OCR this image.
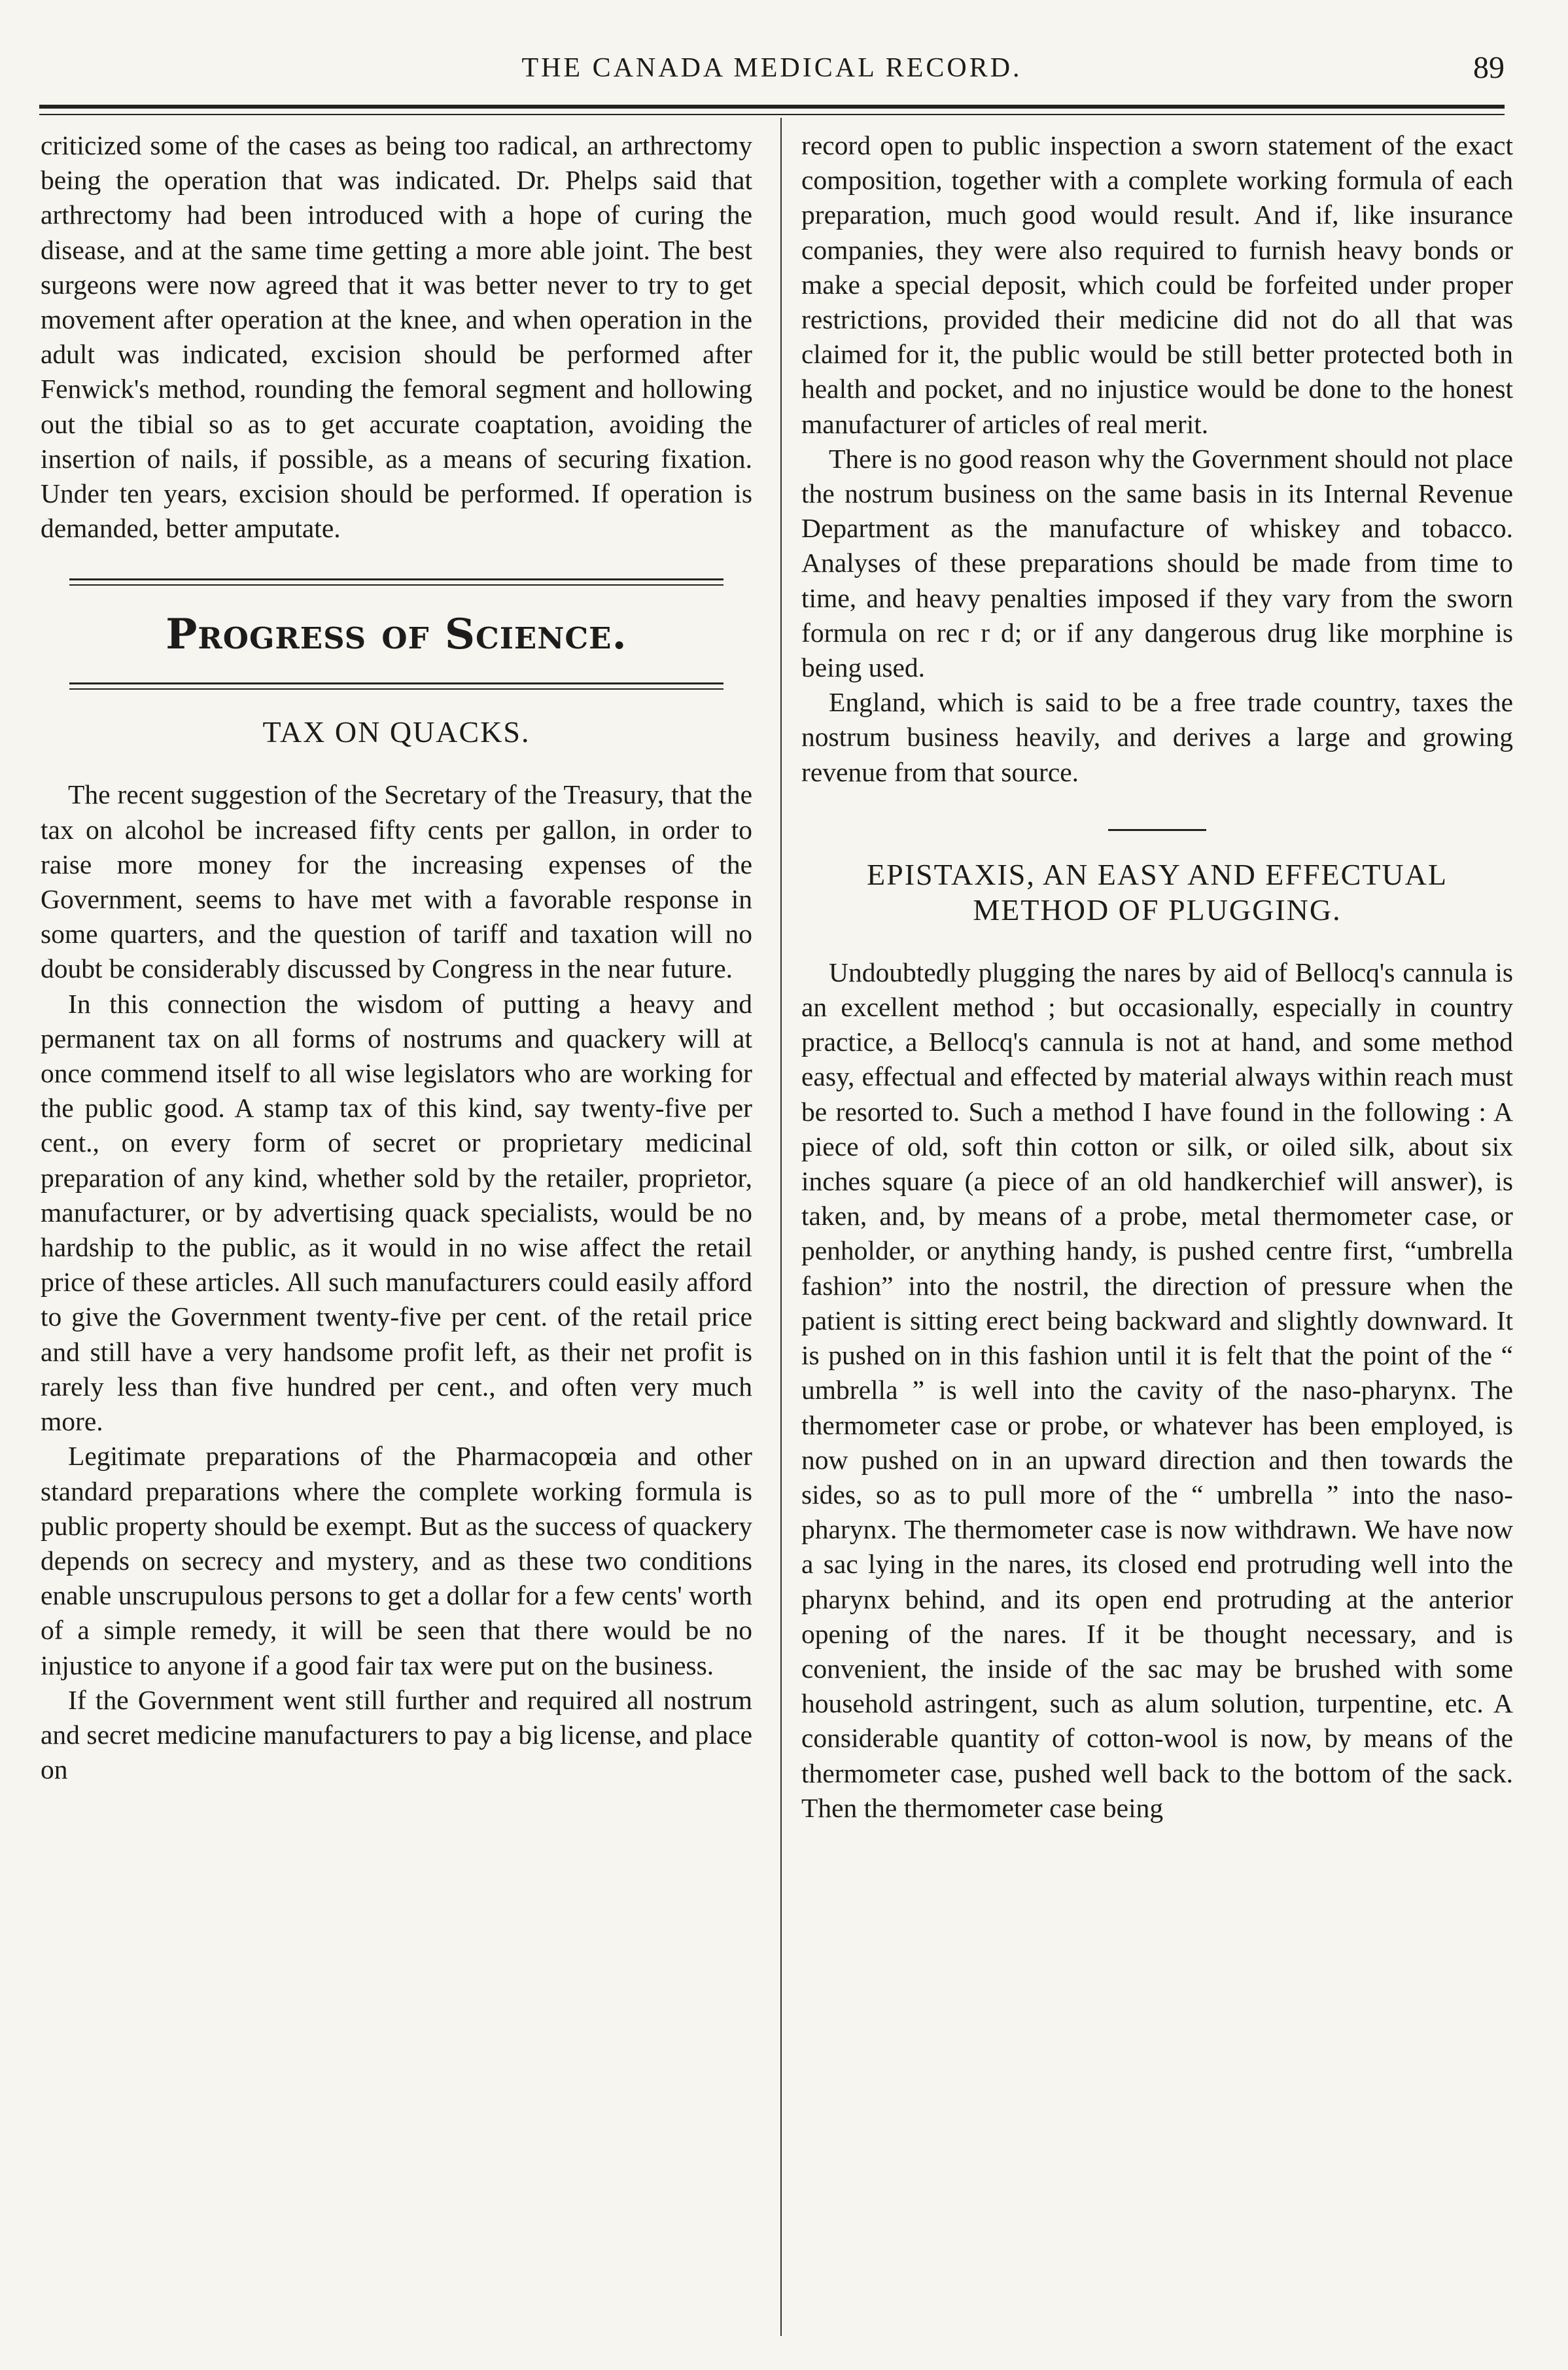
THE CANADA MEDICAL RECORD.	89

criticized some of the cases as being too radical, an arthrectomy being the operation that was indicated. Dr. Phelps said that arthrectomy had been introduced with a hope of curing the disease, and at the same time getting a more able joint. The best surgeons were now agreed that it was better never to try to get movement after operation at the knee, and when operation in the adult was indicated, excision should be performed after Fenwick's method, rounding the femoral segment and hollowing out the tibial so as to get accurate coaptation, avoiding the insertion of nails, if possible, as a means of securing fixation. Under ten years, excision should be performed. If operation is demanded, better amputate.

Progress of Science.
TAX ON QUACKS.

The recent suggestion of the Secretary of the Treasury, that the tax on alcohol be increased fifty cents per gallon, in order to raise more money for the increasing expenses of the Government, seems to have met with a favorable response in some quarters, and the question of tariff and taxation will no doubt be considerably discussed by Congress in the near future.

In this connection the wisdom of putting a heavy and permanent tax on all forms of nostrums and quackery will at once commend itself to all wise legislators who are working for the public good. A stamp tax of this kind, say twenty-five per cent., on every form of secret or proprietary medicinal preparation of any kind, whether sold by the retailer, proprietor, manufacturer, or by advertising quack specialists, would be no hardship to the public, as it would in no wise affect the retail price of these articles. All such manufacturers could easily afford to give the Government twenty-five per cent. of the retail price and still have a very handsome profit left, as their net profit is rarely less than five hundred per cent., and often very much more.

Legitimate preparations of the Pharmacopœia and other standard preparations where the complete working formula is public property should be exempt. But as the success of quackery depends on secrecy and mystery, and as these two conditions enable unscrupulous persons to get a dollar for a few cents' worth of a simple remedy, it will be seen that there would be no injustice to anyone if a good fair tax were put on the business.

If the Government went still further and required all nostrum and secret medicine manufacturers to pay a big license, and place on

record open to public inspection a sworn statement of the exact composition, together with a complete working formula of each preparation, much good would result. And if, like insurance companies, they were also required to furnish heavy bonds or make a special deposit, which could be forfeited under proper restrictions, provided their medicine did not do all that was claimed for it, the public would be still better protected both in health and pocket, and no injustice would be done to the honest manufacturer of articles of real merit.

There is no good reason why the Government should not place the nostrum business on the same basis in its Internal Revenue Department as the manufacture of whiskey and tobacco. Analyses of these preparations should be made from time to time, and heavy penalties imposed if they vary from the sworn formula on rec r d; or if any dangerous drug like morphine is being used.

England, which is said to be a free trade country, taxes the nostrum business heavily, and derives a large and growing revenue from that source.

EPISTAXIS, AN EASY AND EFFECTUAL METHOD OF PLUGGING.

Undoubtedly plugging the nares by aid of Bellocq's cannula is an excellent method ; but occasionally, especially in country practice, a Bellocq's cannula is not at hand, and some method easy, effectual and effected by material always within reach must be resorted to. Such a method I have found in the following : A piece of old, soft thin cotton or silk, or oiled silk, about six inches square (a piece of an old handkerchief will answer), is taken, and, by means of a probe, metal thermometer case, or penholder, or anything handy, is pushed centre first, “umbrella fashion” into the nostril, the direction of pressure when the patient is sitting erect being backward and slightly downward. It is pushed on in this fashion until it is felt that the point of the “ umbrella ” is well into the cavity of the naso-pharynx. The thermometer case or probe, or whatever has been employed, is now pushed on in an upward direction and then towards the sides, so as to pull more of the “ umbrella ” into the naso-pharynx. The thermometer case is now withdrawn. We have now a sac lying in the nares, its closed end protruding well into the pharynx behind, and its open end protruding at the anterior opening of the nares. If it be thought necessary, and is convenient, the inside of the sac may be brushed with some household astringent, such as alum solution, turpentine, etc. A considerable quantity of cotton-wool is now, by means of the thermometer case, pushed well back to the bottom of the sack. Then the thermometer case being
